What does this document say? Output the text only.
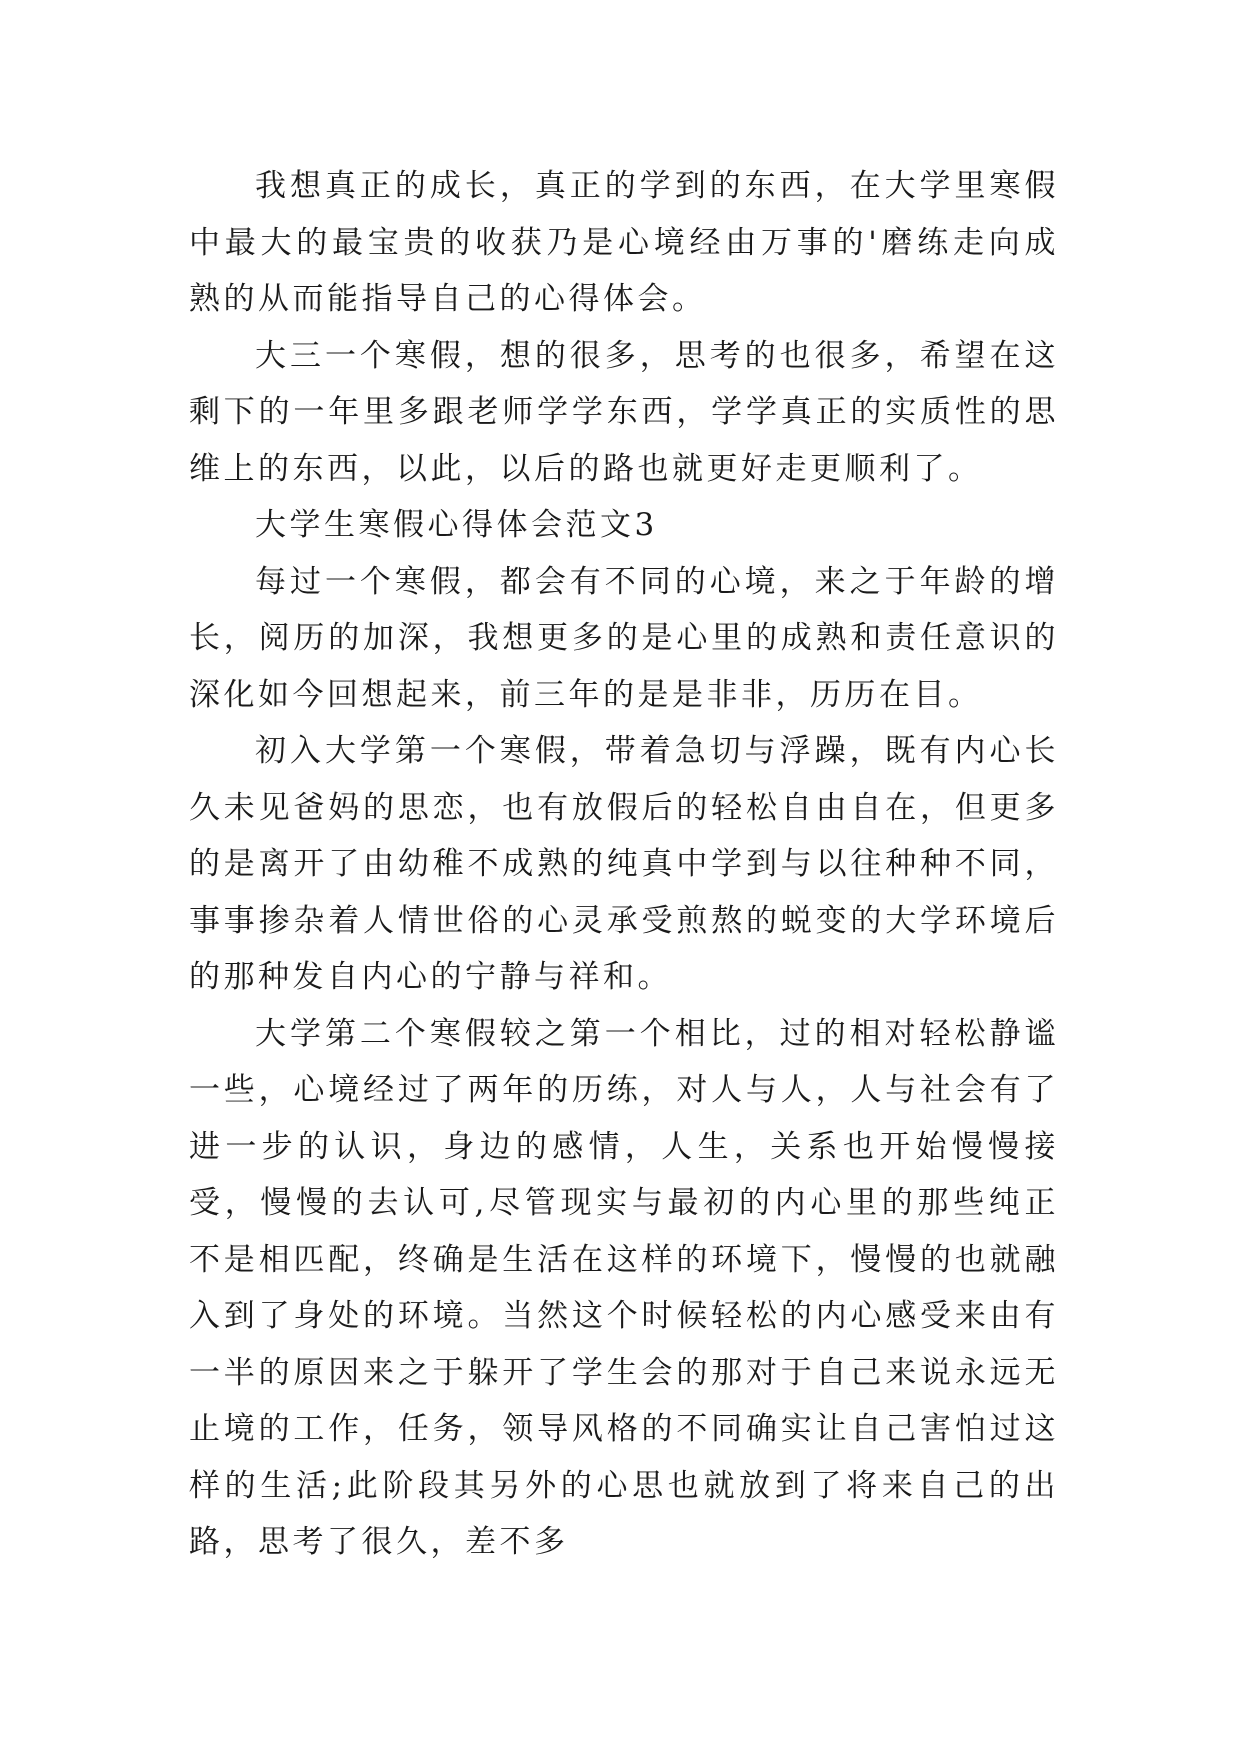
我想真正的成长，真正的学到的东西，在大学里寒假中最大的最宝贵的收获乃是心境经由万事的'磨练走向成熟的从而能指导自己的心得体会。

大三一个寒假，想的很多，思考的也很多，希望在这剩下的一年里多跟老师学学东西，学学真正的实质性的思维上的东西，以此，以后的路也就更好走更顺利了。

大学生寒假心得体会范文3

每过一个寒假，都会有不同的心境，来之于年龄的增长，阅历的加深，我想更多的是心里的成熟和责任意识的深化如今回想起来，前三年的是是非非，历历在目。

初入大学第一个寒假，带着急切与浮躁，既有内心长久未见爸妈的思恋，也有放假后的轻松自由自在，但更多的是离开了由幼稚不成熟的纯真中学到与以往种种不同，事事掺杂着人情世俗的心灵承受煎熬的蜕变的大学环境后的那种发自内心的宁静与祥和。

大学第二个寒假较之第一个相比，过的相对轻松静谧一些，心境经过了两年的历练，对人与人，人与社会有了进一步的认识，身边的感情，人生，关系也开始慢慢接受，慢慢的去认可,尽管现实与最初的内心里的那些纯正不是相匹配，终确是生活在这样的环境下，慢慢的也就融入到了身处的环境。当然这个时候轻松的内心感受来由有一半的原因来之于躲开了学生会的那对于自己来说永远无止境的工作，任务，领导风格的不同确实让自己害怕过这样的生活;此阶段其另外的心思也就放到了将来自己的出路，思考了很久，差不多
